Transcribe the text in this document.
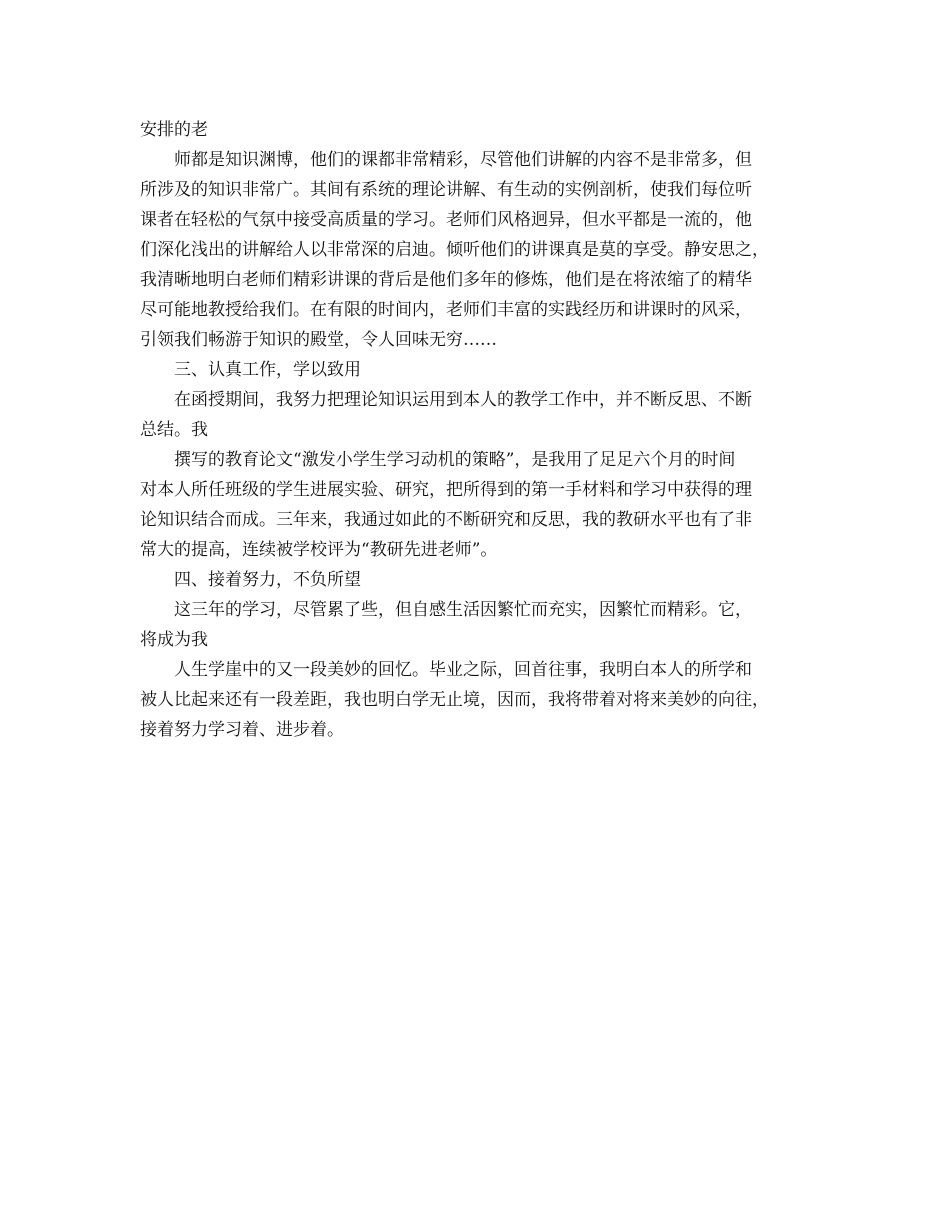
安排的老

师都是知识渊博，他们的课都非常精彩，尽管他们讲解的内容不是非常多，但

所涉及的知识非常广。其间有系统的理论讲解、有生动的实例剖析，使我们每位听

课者在轻松的气氛中接受高质量的学习。老师们风格迥异，但水平都是一流的，他

们深化浅出的讲解给人以非常深的启迪。倾听他们的讲课真是莫的享受。静安思之，

我清晰地明白老师们精彩讲课的背后是他们多年的修炼，他们是在将浓缩了的精华

尽可能地教授给我们。在有限的时间内，老师们丰富的实践经历和讲课时的风采，

引领我们畅游于知识的殿堂，令人回味无穷……

三、认真工作，学以致用

在函授期间，我努力把理论知识运用到本人的教学工作中，并不断反思、不断

总结。我

撰写的教育论文“激发小学生学习动机的策略”，是我用了足足六个月的时间

对本人所任班级的学生进展实验、研究，把所得到的第一手材料和学习中获得的理

论知识结合而成。三年来，我通过如此的不断研究和反思，我的教研水平也有了非

常大的提高，连续被学校评为“教研先进老师”。

四、接着努力，不负所望

这三年的学习，尽管累了些，但自感生活因繁忙而充实，因繁忙而精彩。它，

将成为我

人生学崖中的又一段美妙的回忆。毕业之际，回首往事，我明白本人的所学和

被人比起来还有一段差距，我也明白学无止境，因而，我将带着对将来美妙的向往，

接着努力学习着、进步着。
